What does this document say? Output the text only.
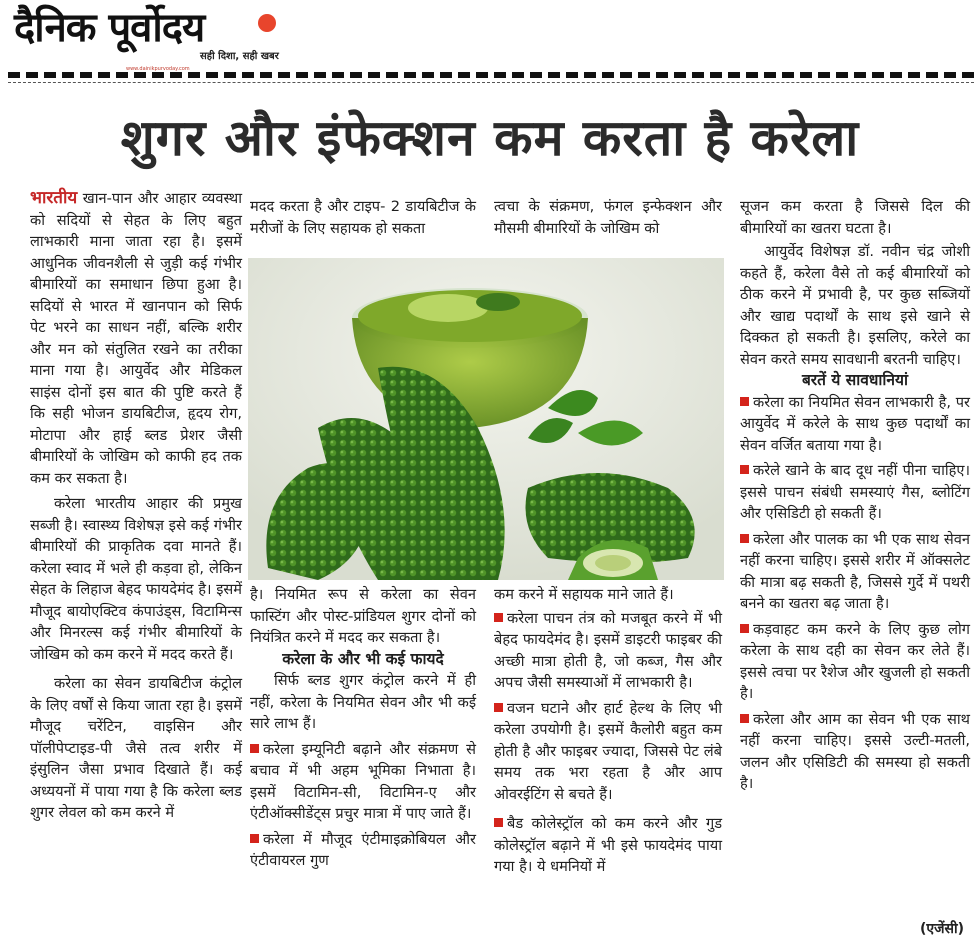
दैनिक पूर्वोदय
सही दिशा, सही खबर
www.dainikpurvoday.com
शुगर और इंफेक्शन कम करता है करेला

भारतीय खान-पान और आहार व्यवस्था को सदियों से सेहत के लिए बहुत लाभकारी माना जाता रहा है। इसमें आधुनिक जीवनशैली से जुड़ी कई गंभीर बीमारियों का समाधान छिपा हुआ है। सदियों से भारत में खानपान को सिर्फ पेट भरने का साधन नहीं, बल्कि शरीर और मन को संतुलित रखने का तरीका माना गया है। आयुर्वेद और मेडिकल साइंस दोनों इस बात की पुष्टि करते हैं कि सही भोजन डायबिटीज, हृदय रोग, मोटापा और हाई ब्लड प्रेशर जैसी बीमारियों के जोखिम को काफी हद तक कम कर सकता है।

करेला भारतीय आहार की प्रमुख सब्जी है। स्वास्थ्य विशेषज्ञ इसे कई गंभीर बीमारियों की प्राकृतिक दवा मानते हैं। करेला स्वाद में भले ही कड़वा हो, लेकिन सेहत के लिहाज बेहद फायदेमंद है। इसमें मौजूद बायोएक्टिव कंपाउंड्स, विटामिन्स और मिनरल्स कई गंभीर बीमारियों के जोखिम को कम करने में मदद करते हैं।

करेला का सेवन डायबिटीज कंट्रोल के लिए वर्षों से किया जाता रहा है। इसमें मौजूद चरेंटिन, वाइसिन और पॉलीपेप्टाइड-पी जैसे तत्व शरीर में इंसुलिन जैसा प्रभाव दिखाते हैं। कई अध्ययनों में पाया गया है कि करेला ब्लड शुगर लेवल को कम करने में

मदद करता है और टाइप- 2 डायबिटीज के मरीजों के लिए सहायक हो सकता

त्वचा के संक्रमण, फंगल इन्फेक्शन और मौसमी बीमारियों के जोखिम को

है। नियमित रूप से करेला का सेवन फास्टिंग और पोस्ट-प्रांडियल शुगर दोनों को नियंत्रित करने में मदद कर सकता है।

करेला के और भी कई फायदे

सिर्फ ब्लड शुगर कंट्रोल करने में ही नहीं, करेला के नियमित सेवन और भी कई सारे लाभ हैं।

करेला इम्यूनिटी बढ़ाने और संक्रमण से बचाव में भी अहम भूमिका निभाता है। इसमें विटामिन-सी, विटामिन-ए और एंटीऑक्सीडेंट्स प्रचुर मात्रा में पाए जाते हैं।

करेला में मौजूद एंटीमाइक्रोबियल और एंटीवायरल गुण

कम करने में सहायक माने जाते हैं।

करेला पाचन तंत्र को मजबूत करने में भी बेहद फायदेमंद है। इसमें डाइटरी फाइबर की अच्छी मात्रा होती है, जो कब्ज, गैस और अपच जैसी समस्याओं में लाभकारी है।

वजन घटाने और हार्ट हेल्थ के लिए भी करेला उपयोगी है। इसमें कैलोरी बहुत कम होती है और फाइबर ज्यादा, जिससे पेट लंबे समय तक भरा रहता है और आप ओवरईटिंग से बचते हैं।

बैड कोलेस्ट्रॉल को कम करने और गुड कोलेस्ट्रॉल बढ़ाने में भी इसे फायदेमंद पाया गया है। ये धमनियों में

सूजन कम करता है जिससे दिल की बीमारियों का खतरा घटता है।

आयुर्वेद विशेषज्ञ डॉ. नवीन चंद्र जोशी कहते हैं, करेला वैसे तो कई बीमारियों को ठीक करने में प्रभावी है, पर कुछ सब्जियों और खाद्य पदार्थों के साथ इसे खाने से दिक्कत हो सकती है। इसलिए, करेले का सेवन करते समय सावधानी बरतनी चाहिए।

बरतें ये सावधानियां

करेला का नियमित सेवन लाभकारी है, पर आयुर्वेद में करेले के साथ कुछ पदार्थों का सेवन वर्जित बताया गया है।

करेले खाने के बाद दूध नहीं पीना चाहिए। इससे पाचन संबंधी समस्याएं गैस, ब्लोटिंग और एसिडिटी हो सकती हैं।

करेला और पालक का भी एक साथ सेवन नहीं करना चाहिए। इससे शरीर में ऑक्सलेट की मात्रा बढ़ सकती है, जिससे गुर्दे में पथरी बनने का खतरा बढ़ जाता है।

कड़वाहट कम करने के लिए कुछ लोग करेला के साथ दही का सेवन कर लेते हैं। इससे त्वचा पर रैशेज और खुजली हो सकती है।

करेला और आम का सेवन भी एक साथ नहीं करना चाहिए। इससे उल्टी-मतली, जलन और एसिडिटी की समस्या हो सकती है।

(एजेंसी)
